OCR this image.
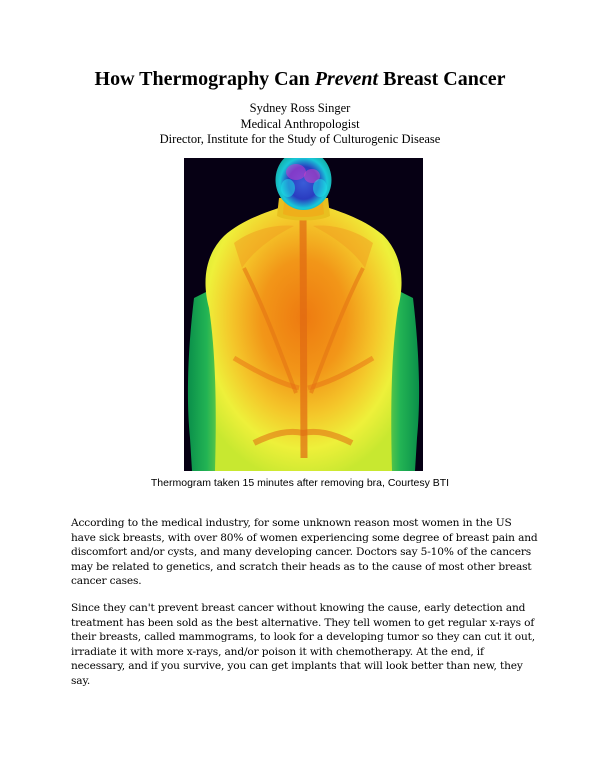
How Thermography Can Prevent Breast Cancer
Sydney Ross Singer
Medical Anthropologist
Director, Institute for the Study of Culturogenic Disease
Thermogram taken 15 minutes after removing bra, Courtesy BTI

According to the medical industry, for some unknown reason most women in the US
have sick breasts, with over 80% of women experiencing some degree of breast pain and
discomfort and/or cysts, and many developing cancer. Doctors say 5-10% of the cancers
may be related to genetics, and scratch their heads as to the cause of most other breast
cancer cases.

Since they can't prevent breast cancer without knowing the cause, early detection and
treatment has been sold as the best alternative. They tell women to get regular x-rays of
their breasts, called mammograms, to look for a developing tumor so they can cut it out,
irradiate it with more x-rays, and/or poison it with chemotherapy. At the end, if
necessary, and if you survive, you can get implants that will look better than new, they
say.
